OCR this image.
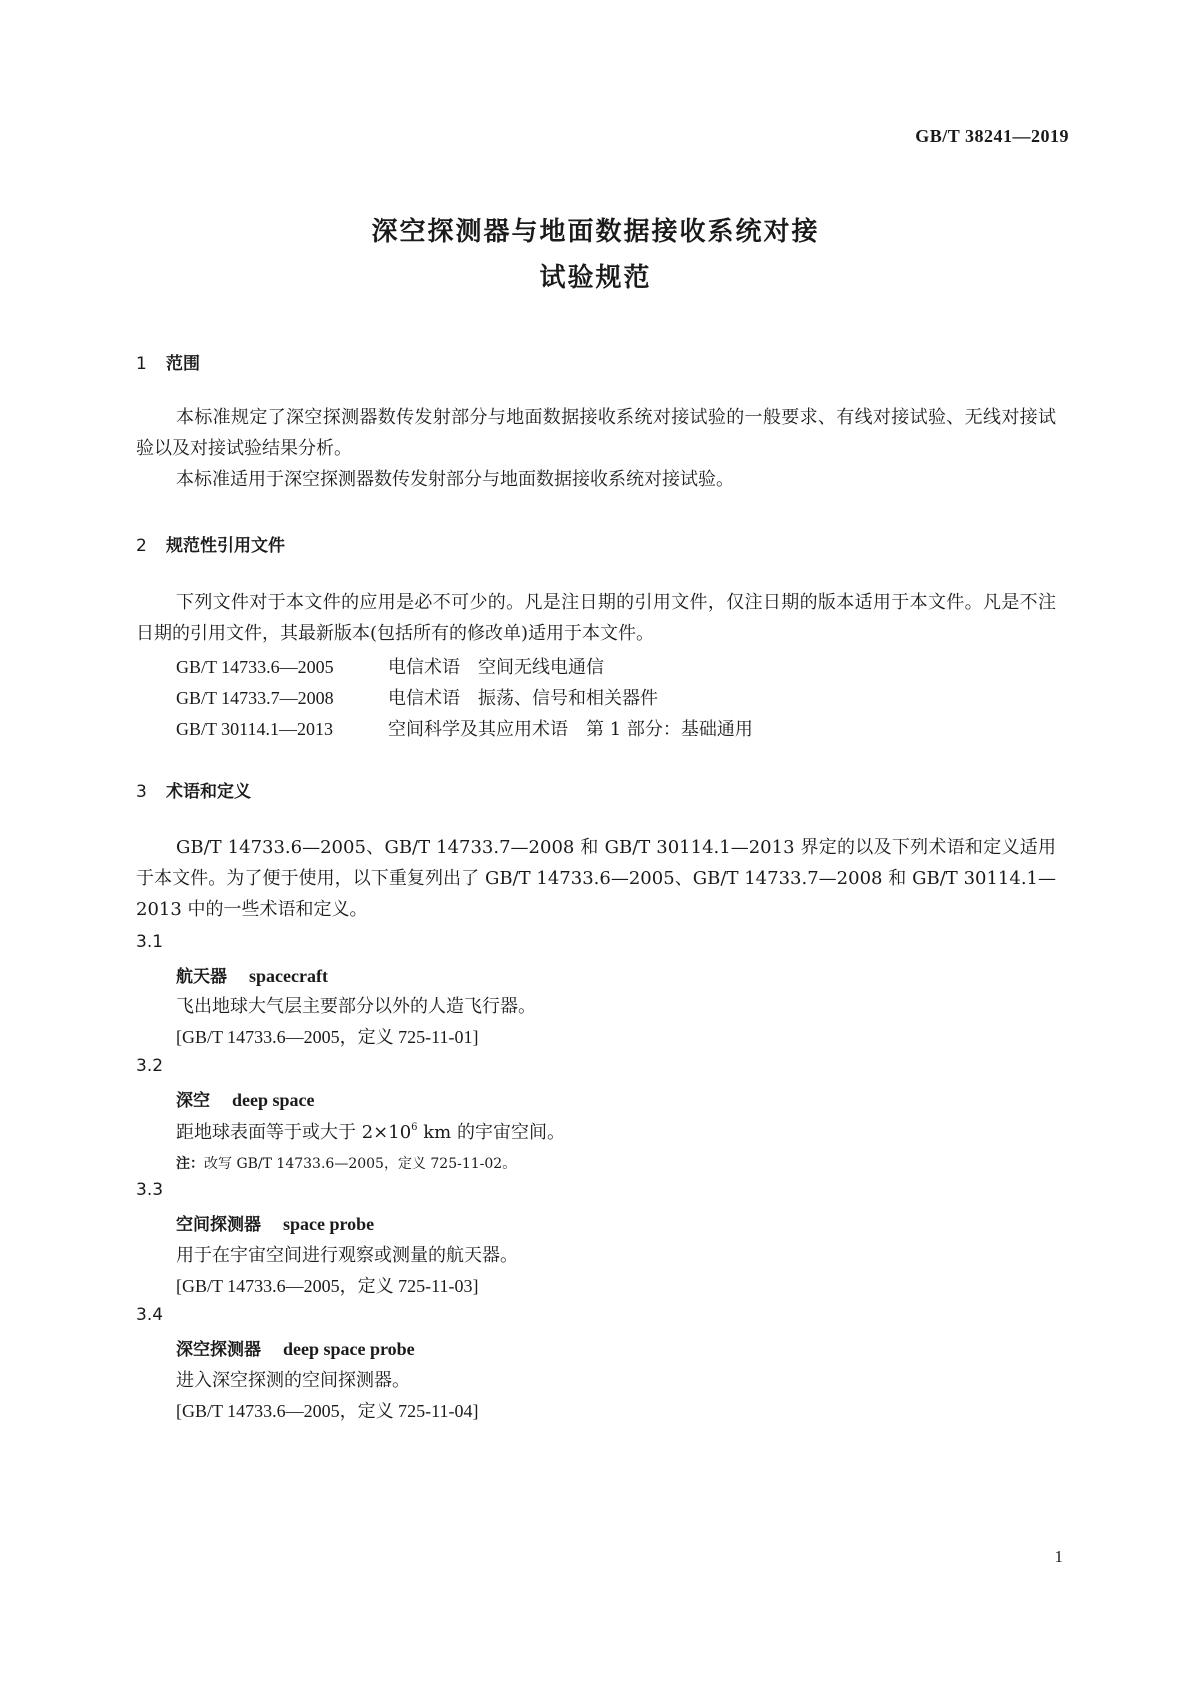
GB/T 38241—2019
深空探测器与地面数据接收系统对接
试验规范
1 范围
本标准规定了深空探测器数传发射部分与地面数据接收系统对接试验的一般要求、有线对接试验、无线对接试验以及对接试验结果分析。
本标准适用于深空探测器数传发射部分与地面数据接收系统对接试验。
2 规范性引用文件
下列文件对于本文件的应用是必不可少的。凡是注日期的引用文件，仅注日期的版本适用于本文件。凡是不注日期的引用文件，其最新版本(包括所有的修改单)适用于本文件。
GB/T 14733.6—2005	电信术语　空间无线电通信
GB/T 14733.7—2008	电信术语　振荡、信号和相关器件
GB/T 30114.1—2013	空间科学及其应用术语　第 1 部分：基础通用
3 术语和定义
GB/T 14733.6—2005、GB/T 14733.7—2008 和 GB/T 30114.1—2013 界定的以及下列术语和定义适用于本文件。为了便于使用，以下重复列出了 GB/T 14733.6—2005、GB/T 14733.7—2008 和 GB/T 30114.1—2013 中的一些术语和定义。
3.1
航天器 spacecraft
飞出地球大气层主要部分以外的人造飞行器。
[GB/T 14733.6—2005，定义 725-11-01]
3.2
深空 deep space
距地球表面等于或大于 $2\times 10^6$ km 的宇宙空间。
注：改写 GB/T 14733.6—2005，定义 725-11-02。
3.3
空间探测器 space probe
用于在宇宙空间进行观察或测量的航天器。
[GB/T 14733.6—2005，定义 725-11-03]
3.4
深空探测器 deep space probe
进入深空探测的空间探测器。
[GB/T 14733.6—2005，定义 725-11-04]
1
